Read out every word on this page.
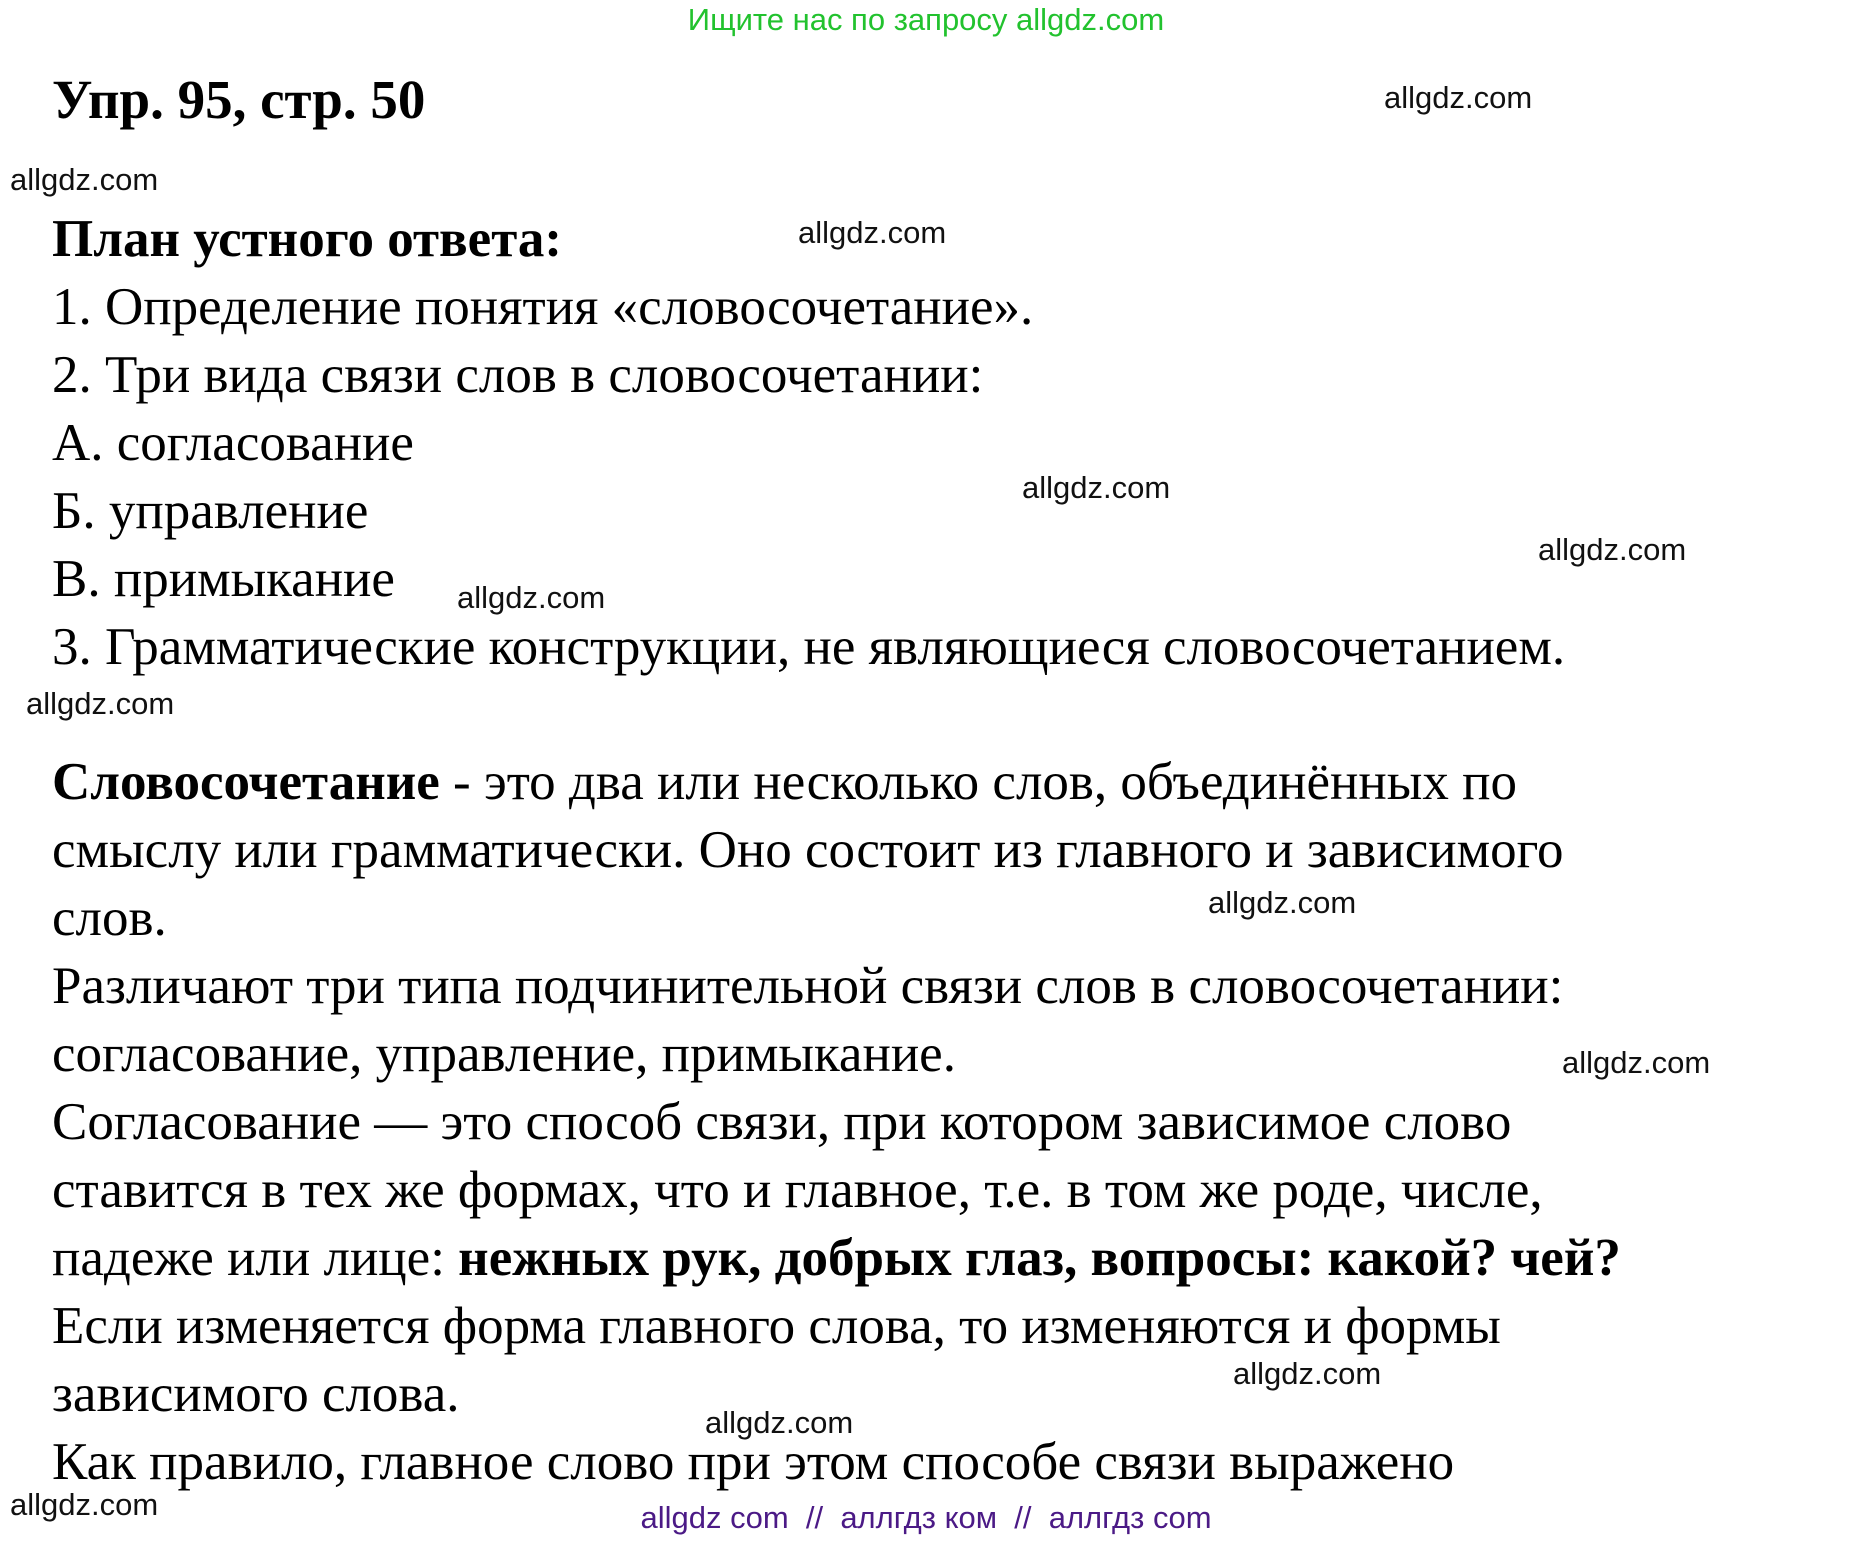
Ищите нас по запросу allgdz.com
Упр. 95, стр. 50
План устного ответа:
1. Определение понятия «словосочетание».
2. Три вида связи слов в словосочетании:
А. согласование
Б. управление
В. примыкание
3. Грамматические конструкции, не являющиеся словосочетанием.
Словосочетание - это два или несколько слов, объединённых по
смыслу или грамматически. Оно состоит из главного и зависимого
слов.
Различают три типа подчинительной связи слов в словосочетании:
согласование, управление, примыкание.
Согласование — это способ связи, при котором зависимое слово
ставится в тех же формах, что и главное, т.е. в том же роде, числе,
падеже или лице: нежных рук, добрых глаз, вопросы: какой? чей?
Если изменяется форма главного слова, то изменяются и формы
зависимого слова.
Как правило, главное слово при этом способе связи выражено
allgdz.com
allgdz.com
allgdz.com
allgdz.com
allgdz.com
allgdz.com
allgdz.com
allgdz.com
allgdz.com
allgdz.com
allgdz.com
allgdz.com	allgdz com  //  аллгдз ком  //  аллгдз com
